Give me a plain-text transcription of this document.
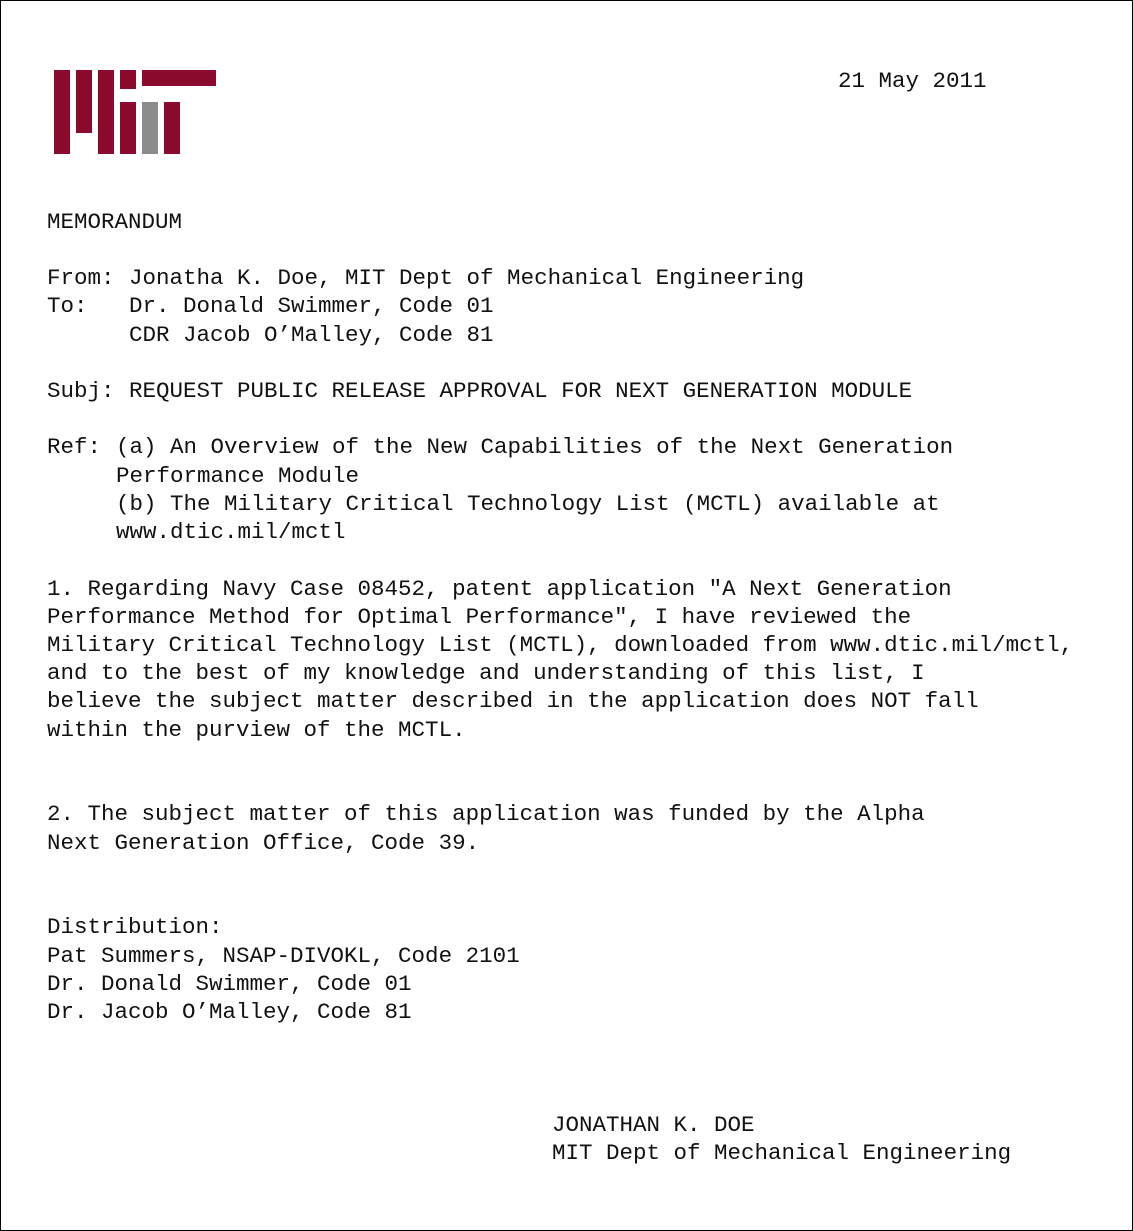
21 May 2011
MEMORANDUM
From: Jonatha K. Doe, MIT Dept of Mechanical Engineering
To: Dr. Donald Swimmer, Code 01
CDR Jacob O’Malley, Code 81
Subj: REQUEST PUBLIC RELEASE APPROVAL FOR NEXT GENERATION MODULE
Ref: (a) An Overview of the New Capabilities of the Next Generation
Performance Module
(b) The Military Critical Technology List (MCTL) available at
www.dtic.mil/mctl
1. Regarding Navy Case 08452, patent application "A Next Generation
Performance Method for Optimal Performance", I have reviewed the
Military Critical Technology List (MCTL), downloaded from www.dtic.mil/mctl,
and to the best of my knowledge and understanding of this list, I
believe the subject matter described in the application does NOT fall
within the purview of the MCTL.
2. The subject matter of this application was funded by the Alpha
Next Generation Office, Code 39.
Distribution:
Pat Summers, NSAP-DIVOKL, Code 2101
Dr. Donald Swimmer, Code 01
Dr. Jacob O’Malley, Code 81
JONATHAN K. DOE
MIT Dept of Mechanical Engineering
